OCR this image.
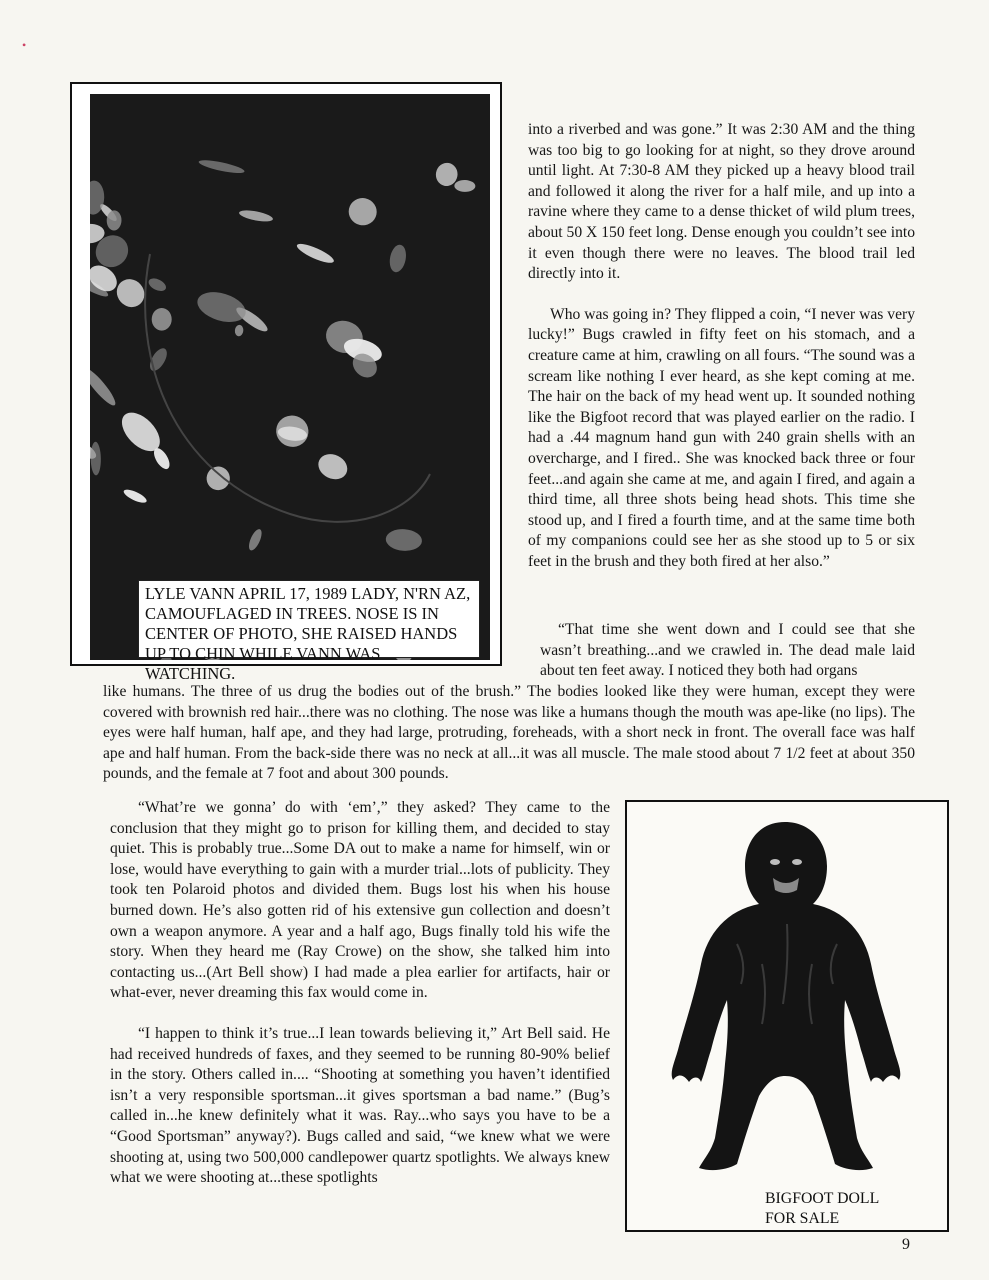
•
LYLE VANN APRIL 17, 1989 LADY, N'RN AZ, CAMOUFLAGED IN TREES. NOSE IS IN CENTER OF PHOTO, SHE RAISED HANDS UP TO CHIN WHILE VANN WAS WATCHING.

into a riverbed and was gone.” It was 2:30 AM and the thing was too big to go looking for at night, so they drove around until light. At 7:30-8 AM they picked up a heavy blood trail and followed it along the river for a half mile, and up into a ravine where they came to a dense thicket of wild plum trees, about 50 X 150 feet long. Dense enough you couldn’t see into it even though there were no leaves. The blood trail led directly into it.

Who was going in? They flipped a coin, “I never was very lucky!” Bugs crawled in fifty feet on his stomach, and a creature came at him, crawling on all fours. “The sound was a scream like nothing I ever heard, as she kept coming at me. The hair on the back of my head went up. It sounded nothing like the Bigfoot record that was played earlier on the radio. I had a .44 magnum hand gun with 240 grain shells with an overcharge, and I fired.. She was knocked back three or four feet...and again she came at me, and again I fired, and again a third time, all three shots being head shots. This time she stood up, and I fired a fourth time, and at the same time both of my companions could see her as she stood up to 5 or six feet in the brush and they both fired at her also.”

“That time she went down and I could see that she wasn’t breathing...and we crawled in. The dead male laid about ten feet away. I noticed they both had organs
like humans. The three of us drug the bodies out of the brush.” The bodies looked like they were human, except they were covered with brownish red hair...there was no clothing. The nose was like a humans though the mouth was ape-like (no lips). The eyes were half human, half ape, and they had large, protruding, foreheads, with a short neck in front. The overall face was half ape and half human. From the back-side there was no neck at all...it was all muscle. The male stood about 7 1/2 feet at about 350 pounds, and the female at 7 foot and about 300 pounds.

“What’re we gonna’ do with ‘em’,” they asked? They came to the conclusion that they might go to prison for killing them, and decided to stay quiet. This is probably true...Some DA out to make a name for himself, win or lose, would have everything to gain with a murder trial...lots of publicity. They took ten Polaroid photos and divided them. Bugs lost his when his house burned down. He’s also gotten rid of his extensive gun collection and doesn’t own a weapon anymore. A year and a half ago, Bugs finally told his wife the story. When they heard me (Ray Crowe) on the show, she talked him into contacting us...(Art Bell show) I had made a plea earlier for artifacts, hair or what-ever, never dreaming this fax would come in.

“I happen to think it’s true...I lean towards believing it,” Art Bell said. He had received hundreds of faxes, and they seemed to be running 80-90% belief in the story. Others called in.... “Shooting at something you haven’t identified isn’t a very responsible sportsman...it gives sportsman a bad name.” (Bug’s called in...he knew definitely what it was. Ray...who says you have to be a “Good Sportsman” anyway?). Bugs called and said, “we knew what we were shooting at, using two 500,000 candlepower quartz spotlights. We always knew what we were shooting at...these spotlights

BIGFOOT DOLL
FOR SALE
9
